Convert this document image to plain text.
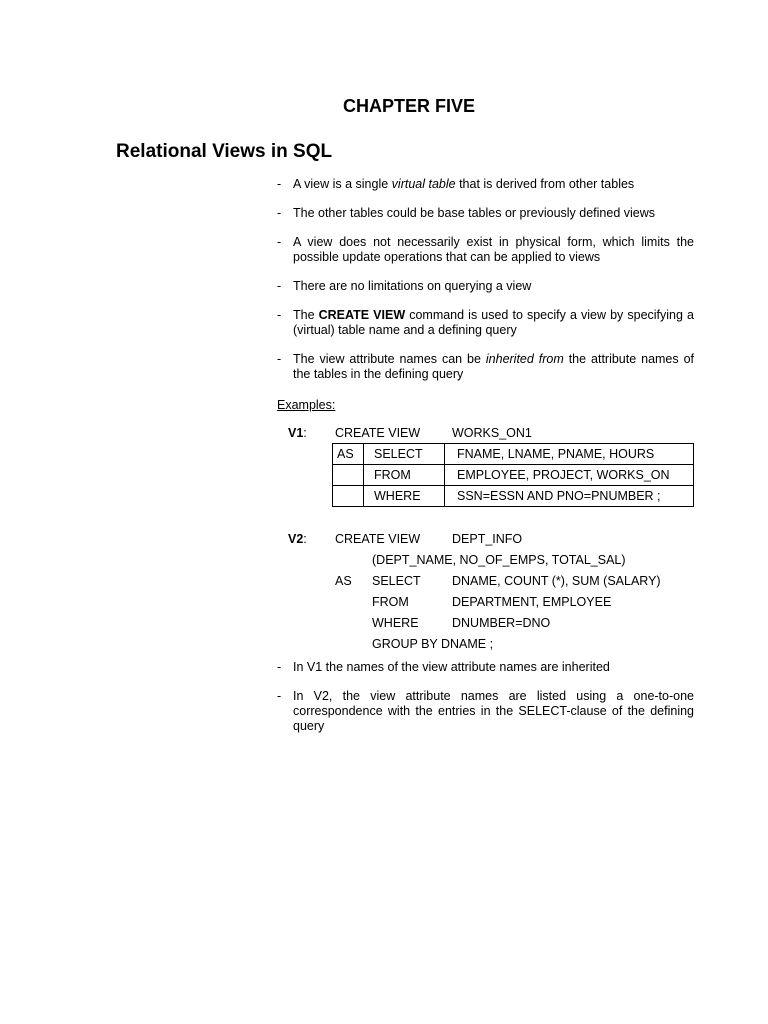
CHAPTER FIVE
Relational Views in SQL
- A view is a single virtual table that is derived from other tables
- The other tables could be base tables or previously defined views
- A view does not necessarily exist in physical form, which limits the possible update operations that can be applied to views
- There are no limitations on querying a view
- The CREATE VIEW command is used to specify a view by specifying a (virtual) table name and a defining query
- The view attribute names can be inherited from the attribute names of the tables in the defining query
Examples:
V1: CREATE VIEW	WORKS_ON1
AS	SELECT	FNAME, LNAME, PNAME, HOURS
	FROM	EMPLOYEE, PROJECT, WORKS_ON
	WHERE	SSN=ESSN AND PNO=PNUMBER ;
V2: CREATE VIEW	DEPT_INFO
(DEPT_NAME, NO_OF_EMPS, TOTAL_SAL)
AS SELECT	DNAME, COUNT (*), SUM (SALARY)
FROM	DEPARTMENT, EMPLOYEE
WHERE	DNUMBER=DNO
GROUP BY DNAME ;
- In V1 the names of the view attribute names are inherited
- In V2, the view attribute names are listed using a one-to-one correspondence with the entries in the SELECT-clause of the defining query
